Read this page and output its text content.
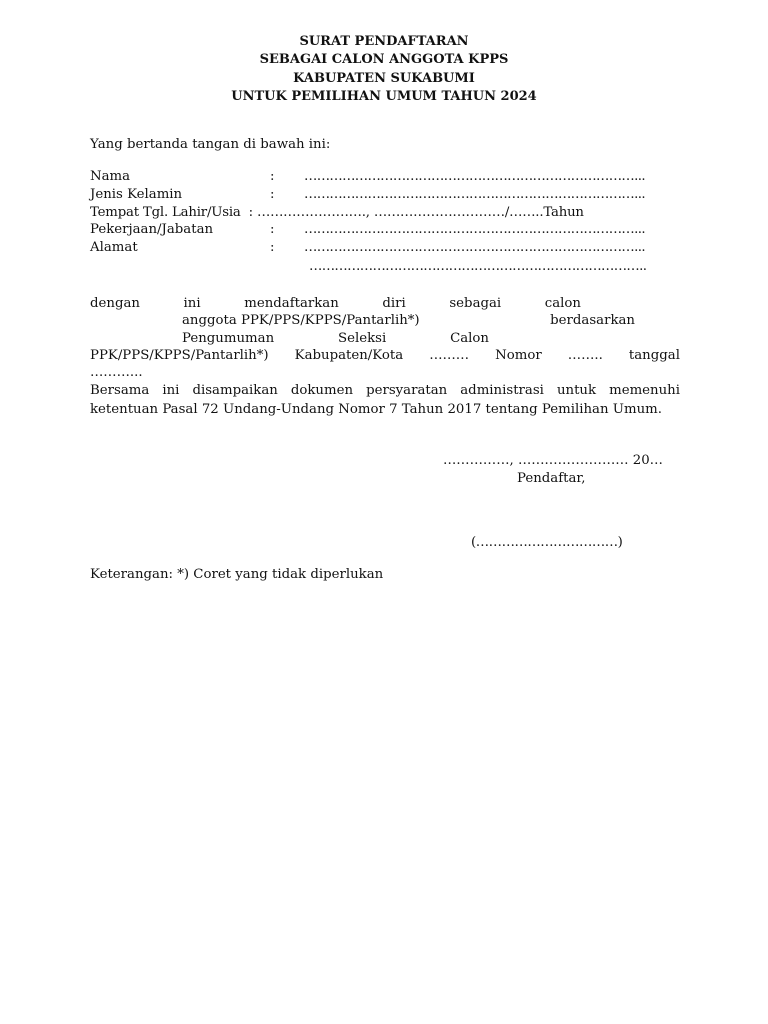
SURAT PENDAFTARAN
SEBAGAI CALON ANGGOTA KPPS
KABUPATEN SUKABUMI
UNTUK PEMILIHAN UMUM TAHUN 2024
Yang bertanda tangan di bawah ini:
Nama	: ……………………………………………………………………...
Jenis Kelamin	: ……………………………………………………………………...
Tempat Tgl. Lahir/Usia  : ……………………., …………………………/……..Tahun
Pekerjaan/Jabatan	: ……………………………………………………………………...
Alamat	: ……………………………………………………………………...
……………………………………………………………………..
dengan	ini	mendaftarkan	diri	sebagai	calon
anggota PPK/PPS/KPPS/Pantarlih*)	berdasarkan
Pengumuman	Seleksi	Calon
PPK/PPS/KPPS/Pantarlih*) Kabupaten/Kota ……… Nomor …….. tanggal
………...
Bersama ini disampaikan dokumen persyaratan administrasi untuk memenuhi ketentuan Pasal 72 Undang-Undang Nomor 7 Tahun 2017 tentang Pemilihan Umum.
……………, …….……………… 20…
Pendaftar,
(……………………………)
Keterangan: *) Coret yang tidak diperlukan
